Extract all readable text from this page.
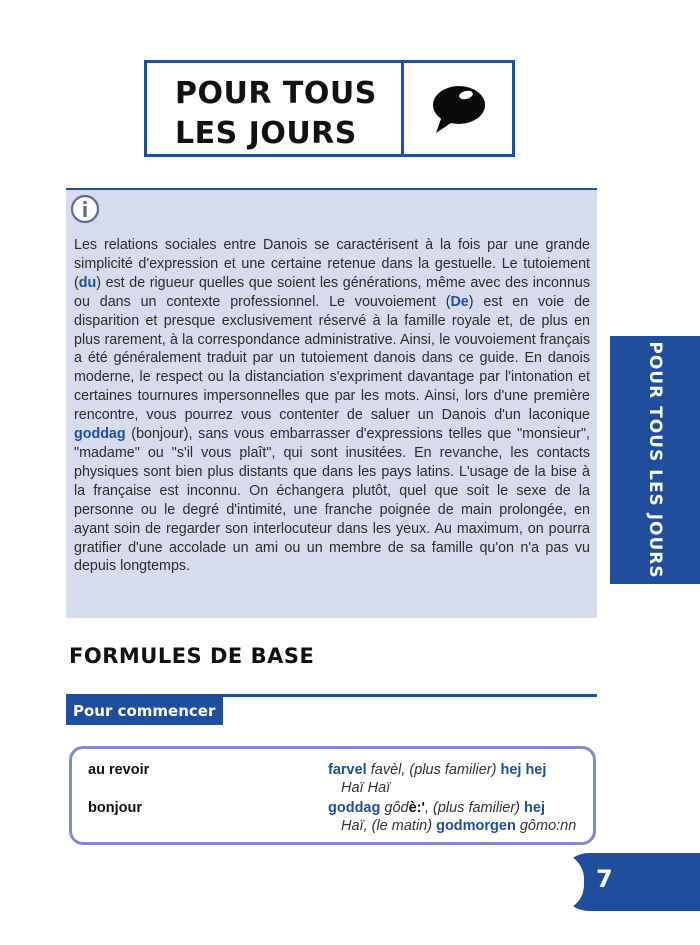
POUR TOUS
LES JOURS

Les relations sociales entre Danois se caractérisent à la fois par une grande simplicité d'expression et une certaine retenue dans la gestuelle. Le tutoiement (du) est de rigueur quelles que soient les générations, même avec des inconnus ou dans un contexte professionnel. Le vouvoiement (De) est en voie de disparition et presque exclusivement réservé à la famille royale et, de plus en plus rarement, à la correspondance administrative. Ainsi, le vouvoiement français a été généralement traduit par un tutoiement danois dans ce guide. En danois moderne, le respect ou la distanciation s'expriment davantage par l'intonation et certaines tournures impersonnelles que par les mots. Ainsi, lors d'une première rencontre, vous pourrez vous contenter de saluer un Danois d'un laconique goddag (bonjour), sans vous embarrasser d'expressions telles que "monsieur", "madame" ou "s'il vous plaît", qui sont inusitées. En revanche, les contacts physiques sont bien plus distants que dans les pays latins. L'usage de la bise à la française est inconnu. On échangera plutôt, quel que soit le sexe de la personne ou le degré d'intimité, une franche poignée de main prolongée, en ayant soin de regarder son interlocuteur dans les yeux. Au maximum, on pourra gratifier d'une accolade un ami ou un membre de sa famille qu'on n'a pas vu depuis longtemps.	POUR TOUS LES JOURS
FORMULES DE BASE
Pour commencer
au revoir	farvel favèl, (plus familier) hej hej
Haï Haï
bonjour	goddag gôdè:', (plus familier) hej
Haï, (le matin) godmorgen gômo:nn
7
